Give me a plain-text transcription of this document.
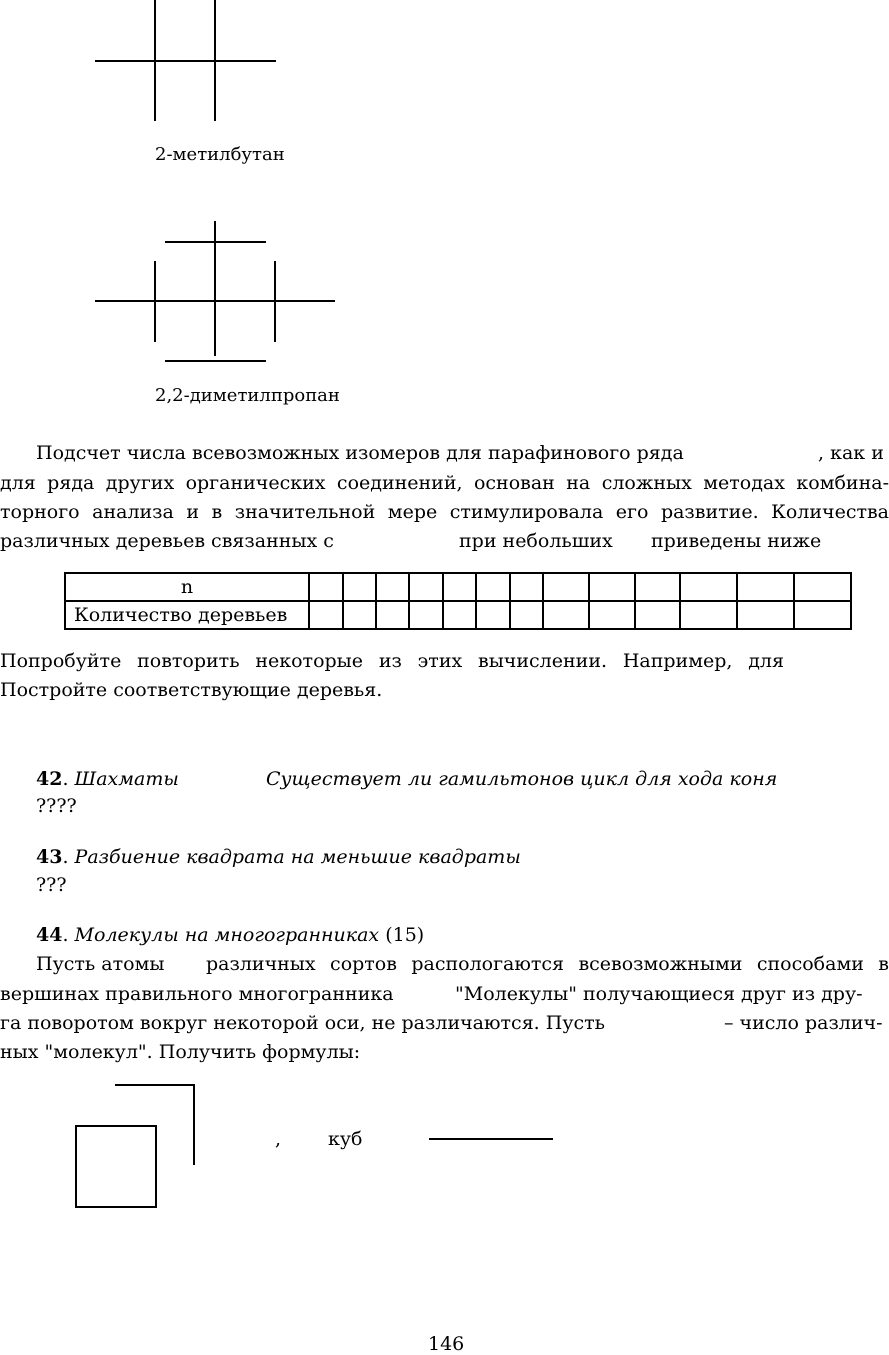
2-метилбутан
2,2-диметилпропан
Подсчет числа всевозможных изомеров для парафинового ряда	, как и
для ряда других органических соединений, основан на сложных методах комбина-
торного анализа и в значительной мере стимулировала его развитие. Количества
различных деревьев связанных с	при небольших приведены ниже
n													
Количество деревьев													
Попробуйте повторить некоторые из этих вычислении. Например, для
Постройте соответствующие деревья.
42. Шахматы	Существует ли гамильтонов цикл для хода коня
????
43. Разбиение квадрата на меньшие квадраты
???
44. Молекулы на многогранниках (15)
Пусть атомы различных сортов распологаются всевозможными способами в
вершинах правильного многогранника	"Молекулы" получающиеся друг из дру-
га поворотом вокруг некоторой оси, не различаются. Пусть	– число различ-
ных "молекул". Получить формулы:
, куб
146
